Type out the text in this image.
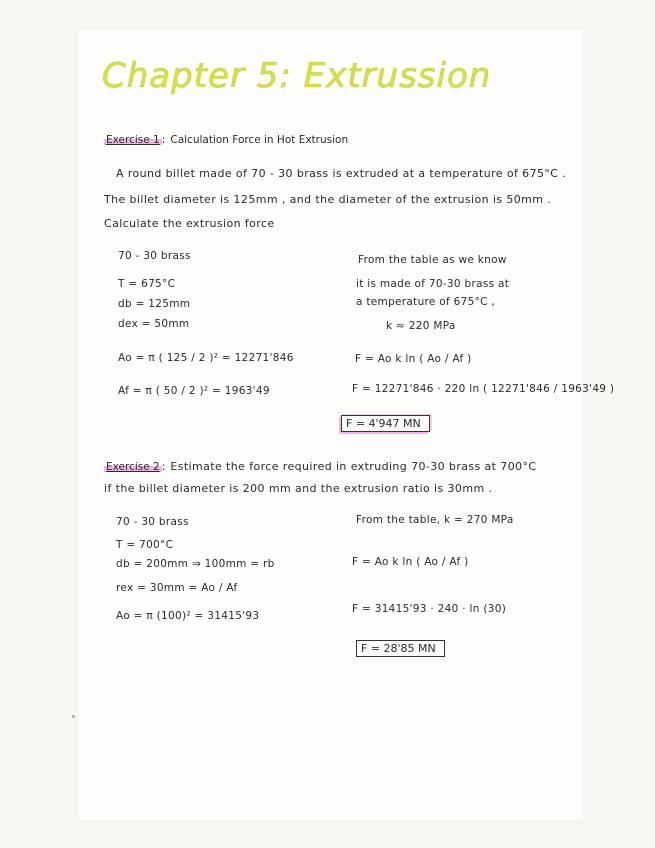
Chapter 5: Extrussion
Exercise 1 : Calculation Force in Hot Extrusion
A round billet made of 70 - 30 brass is extruded at a temperature of 675°C .
The billet diameter is 125mm , and the diameter of the extrusion is 50mm .
Calculate the extrusion force
70 - 30 brass
T = 675°C
db = 125mm
dex = 50mm
Ao = π ( 125 / 2 )² = 12271'846
Af = π ( 50 / 2 )² = 1963'49
From the table as we know
it is made of 70-30 brass at
a temperature of 675°C ,
k ≈ 220 MPa
F = Ao k ln ( Ao / Af )
F = 12271'846 · 220 ln ( 12271'846 / 1963'49 )
F = 4'947 MN
Exercise 2 : Estimate the force required in extruding 70-30 brass at 700°C
if the billet diameter is 200 mm and the extrusion ratio is 30mm .
70 - 30 brass
T = 700°C
db = 200mm ⇒ 100mm = rb
rex = 30mm = Ao / Af
Ao = π (100)² = 31415'93
From the table, k = 270 MPa
F = Ao k ln ( Ao / Af )
F = 31415'93 · 240 · ln (30)
F = 28'85 MN
